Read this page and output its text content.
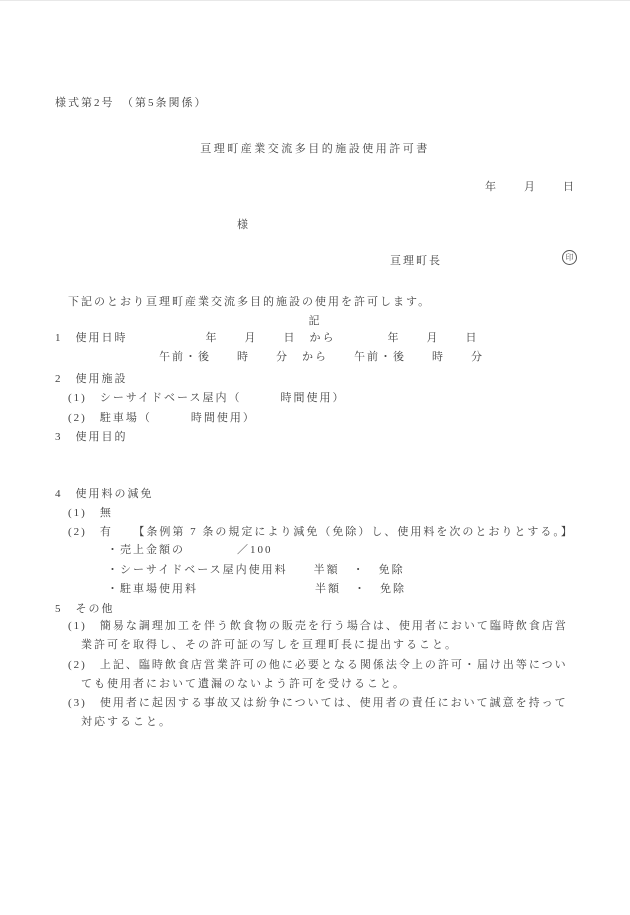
様式第2号　（第5条関係）
亘理町産業交流多目的施設使用許可書
年　　月　　日
様
亘理町長	印
　下記のとおり亘理町産業交流多目的施設の使用を許可します。
記
1　使用日時　　　　　　年　　月　　日　から　　　　年　　月　　日
　　　　　　　　午前・後　　時　　分　から　　午前・後　　時　　分
2　使用施設
　(1)　シーサイドベース屋内（　　　時間使用）
　(2)　駐車場（　　　時間使用）
3　使用目的
4　使用料の減免
　(1)　無
　(2)　有　　【条例第 7 条の規定により減免（免除）し、使用料を次のとおりとする。】
　　　　・売上金額の　　　　／100
　　　　・シーサイドベース屋内使用料　　半額　・　免除
　　　　・駐車場使用料　　　　　　　　　半額　・　免除
5　その他
　(1)　簡易な調理加工を伴う飲食物の販売を行う場合は、使用者において臨時飲食店営
　　業許可を取得し、その許可証の写しを亘理町長に提出すること。
　(2)　上記、臨時飲食店営業許可の他に必要となる関係法令上の許可・届け出等につい
　　ても使用者において遺漏のないよう許可を受けること。
　(3)　使用者に起因する事故又は紛争については、使用者の責任において誠意を持って
　　対応すること。
